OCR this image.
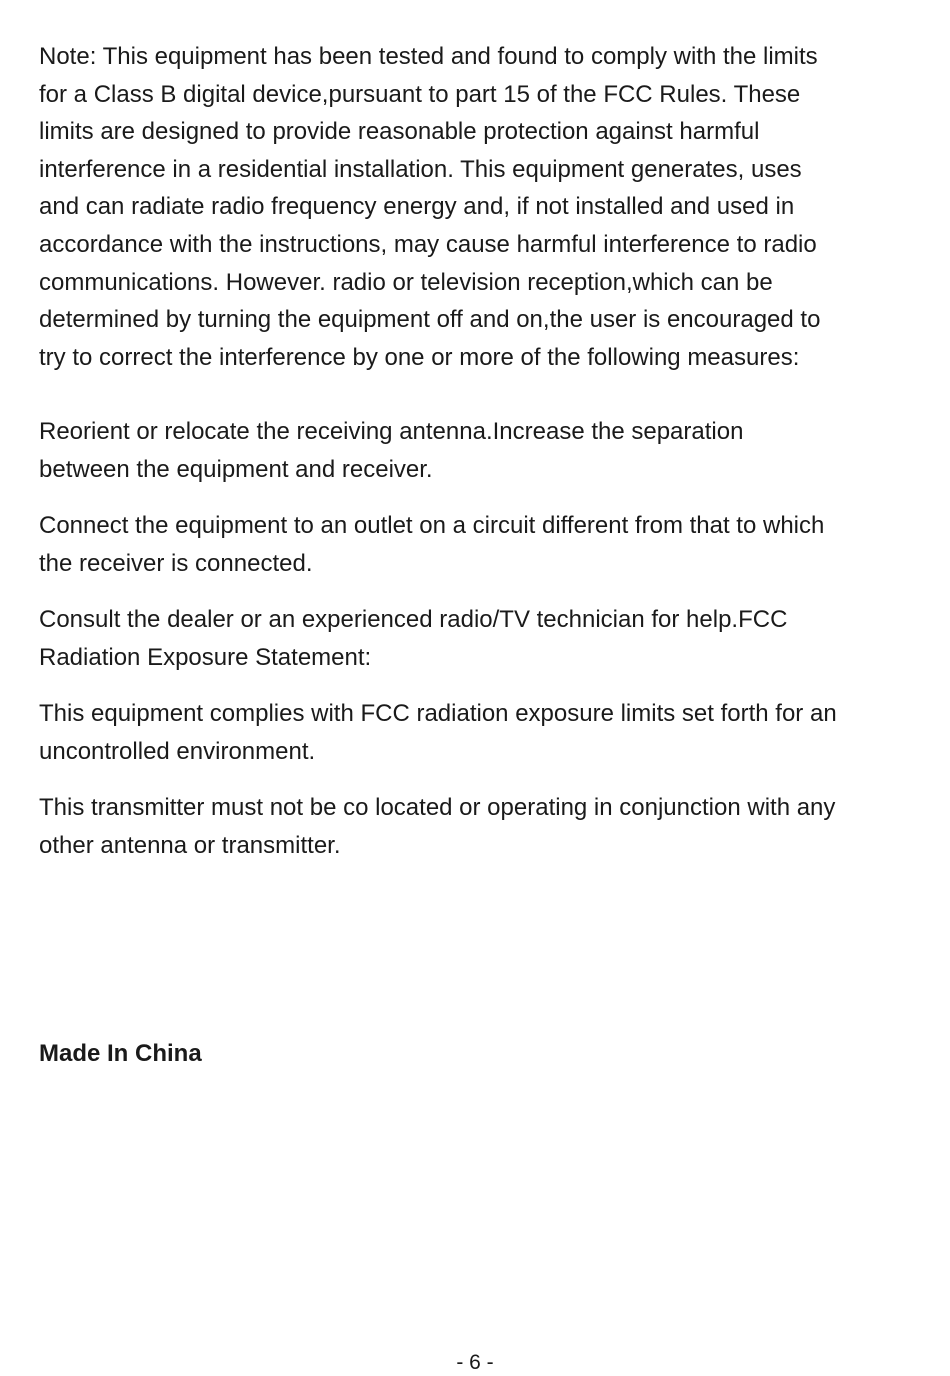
Note: This equipment has been tested and found to comply with the limits
for a Class B digital device,pursuant to part 15 of the FCC Rules. These
limits are designed to provide reasonable protection against harmful
interference in a residential installation. This equipment generates, uses
and can radiate radio frequency energy and, if not installed and used in
accordance with the instructions, may cause harmful interference to radio
communications. However. radio or television reception,which can be
determined by turning the equipment off and on,the user is encouraged to
try to correct the interference by one or more of the following measures:

Reorient or relocate the receiving antenna.Increase the separation
between the equipment and receiver.

Connect the equipment to an outlet on a circuit different from that to which
the receiver is connected.

Consult the dealer or an experienced radio/TV technician for help.FCC
Radiation Exposure Statement:

This equipment complies with FCC radiation exposure limits set forth for an
uncontrolled environment.

This transmitter must not be co located or operating in conjunction with any
other antenna or transmitter.

Made In China

- 6 -
